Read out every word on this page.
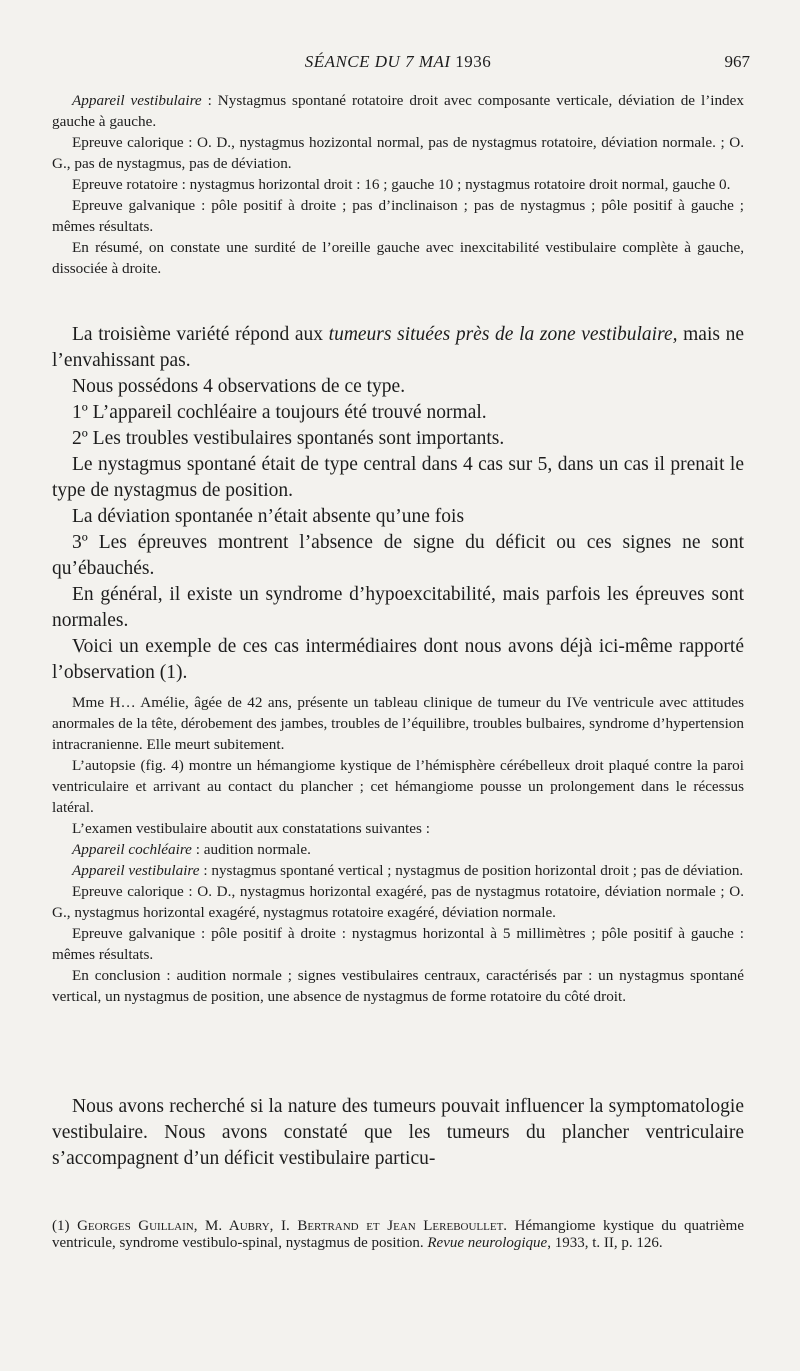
SÉANCE DU 7 MAI 1936	967

Appareil vestibulaire : Nystagmus spontané rotatoire droit avec composante verticale, déviation de l’index gauche à gauche.

Epreuve calorique : O. D., nystagmus hozizontal normal, pas de nystagmus rotatoire, déviation normale. ; O. G., pas de nystagmus, pas de déviation.

Epreuve rotatoire : nystagmus horizontal droit : 16 ; gauche 10 ; nystagmus rotatoire droit normal, gauche 0.

Epreuve galvanique : pôle positif à droite ; pas d’inclinaison ; pas de nystagmus ; pôle positif à gauche ; mêmes résultats.

En résumé, on constate une surdité de l’oreille gauche avec inexcitabilité vestibulaire complète à gauche, dissociée à droite.

La troisième variété répond aux tumeurs situées près de la zone vestibulaire, mais ne l’envahissant pas.

Nous possédons 4 observations de ce type.

1º L’appareil cochléaire a toujours été trouvé normal.

2º Les troubles vestibulaires spontanés sont importants.

Le nystagmus spontané était de type central dans 4 cas sur 5, dans un cas il prenait le type de nystagmus de position.

La déviation spontanée n’était absente qu’une fois

3º Les épreuves montrent l’absence de signe du déficit ou ces signes ne sont qu’ébauchés.

En général, il existe un syndrome d’hypoexcitabilité, mais parfois les épreuves sont normales.

Voici un exemple de ces cas intermédiaires dont nous avons déjà ici-même rapporté l’observation (1).

Mme H… Amélie, âgée de 42 ans, présente un tableau clinique de tumeur du IVe ventricule avec attitudes anormales de la tête, dérobement des jambes, troubles de l’équilibre, troubles bulbaires, syndrome d’hypertension intracranienne. Elle meurt subitement.

L’autopsie (fig. 4) montre un hémangiome kystique de l’hémisphère cérébelleux droit plaqué contre la paroi ventriculaire et arrivant au contact du plancher ; cet hémangiome pousse un prolongement dans le récessus latéral.

L’examen vestibulaire aboutit aux constatations suivantes :

Appareil cochléaire : audition normale.

Appareil vestibulaire : nystagmus spontané vertical ; nystagmus de position horizontal droit ; pas de déviation.

Epreuve calorique : O. D., nystagmus horizontal exagéré, pas de nystagmus rotatoire, déviation normale ; O. G., nystagmus horizontal exagéré, nystagmus rotatoire exagéré, déviation normale.

Epreuve galvanique : pôle positif à droite : nystagmus horizontal à 5 millimètres ; pôle positif à gauche : mêmes résultats.

En conclusion : audition normale ; signes vestibulaires centraux, caractérisés par : un nystagmus spontané vertical, un nystagmus de position, une absence de nystagmus de forme rotatoire du côté droit.

Nous avons recherché si la nature des tumeurs pouvait influencer la symptomatologie vestibulaire. Nous avons constaté que les tumeurs du plancher ventriculaire s’accompagnent d’un déficit vestibulaire particu-

(1) Georges Guillain, M. Aubry, I. Bertrand et Jean Lereboullet. Hémangiome kystique du quatrième ventricule, syndrome vestibulo-spinal, nystagmus de position. Revue neurologique, 1933, t. II, p. 126.
